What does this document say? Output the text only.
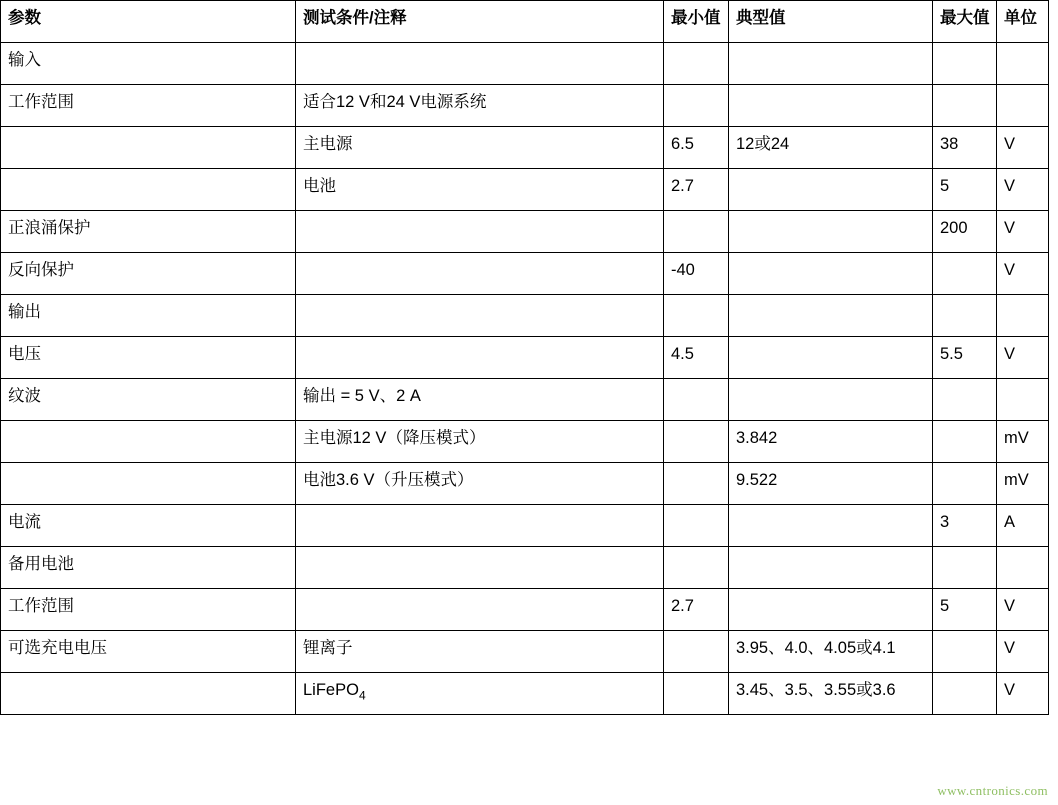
参数	测试条件/注释	最小值	典型值	最大值	单位
输入					
工作范围	适合12 V和24 V电源系统				
	主电源	6.5	12或24	38	V
	电池	2.7		5	V
正浪涌保护				200	V
反向保护		-40			V
输出					
电压		4.5		5.5	V
纹波	输出 = 5 V、2 A				
	主电源12 V（降压模式）		3.842		mV
	电池3.6 V（升压模式）		9.522		mV
电流				3	A
备用电池					
工作范围		2.7		5	V
可选充电电压	锂离子		3.95、4.0、4.05或4.1		V
	LiFePO$_4$		3.45、3.5、3.55或3.6		V
www.cntronics.com
